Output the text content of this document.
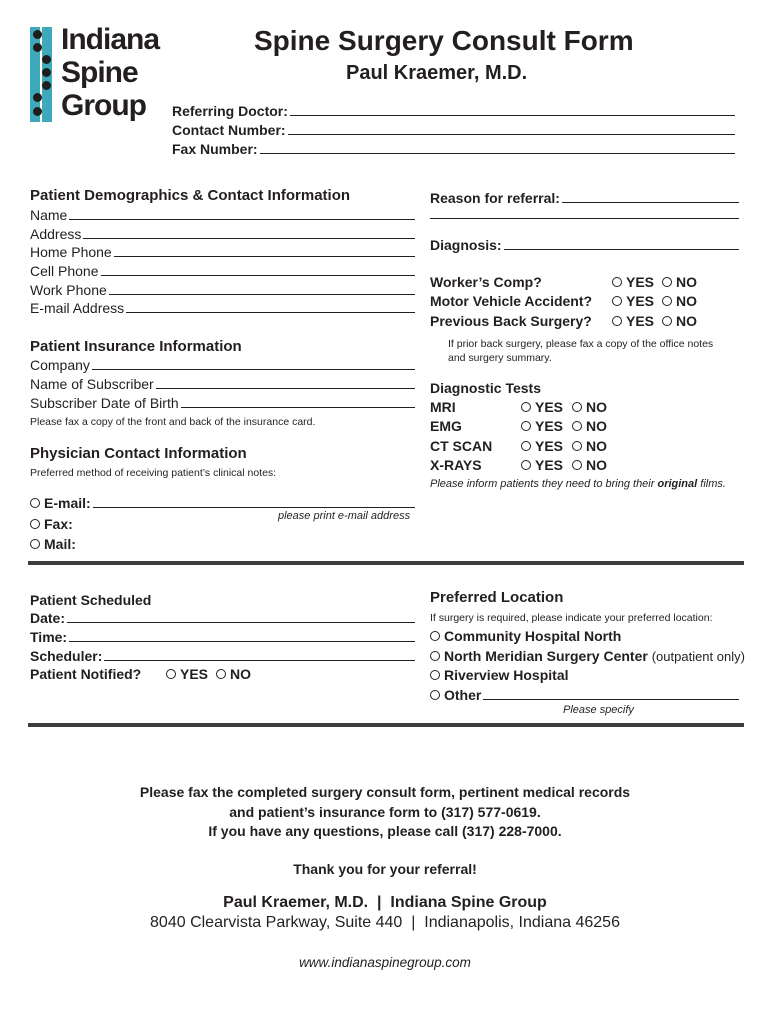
Indiana
Spine
Group
Spine Surgery Consult Form
Paul Kraemer, M.D.
Referring Doctor:
Contact Number:
Fax Number:
Patient Demographics & Contact Information
Name
Address
Home Phone
Cell Phone
Work Phone
E-mail Address
Patient Insurance Information
Company
Name of Subscriber
Subscriber Date of Birth
Please fax a copy of the front and back of the insurance card.
Physician Contact Information
Preferred method of receiving patient’s clinical notes:
E-mail:
please print e-mail address
Fax:
Mail:
Reason for referral:
Diagnosis:
Worker’s Comp?	YES	NO
Motor Vehicle Accident?	YES	NO
Previous Back Surgery?	YES	NO
If prior back surgery, please fax a copy of the office notes
and surgery summary.
Diagnostic Tests
MRI	YES	NO
EMG	YES	NO
CT SCAN	YES	NO
X-RAYS	YES	NO
Please inform patients they need to bring their original films.
Patient Scheduled
Date:
Time:
Scheduler:
Patient Notified?	YES	NO
Preferred Location
If surgery is required, please indicate your preferred location:
Community Hospital North
North Meridian Surgery Center (outpatient only)
Riverview Hospital
Other
Please specify
Please fax the completed surgery consult form, pertinent medical records
and patient’s insurance form to (317) 577-0619.
If you have any questions, please call (317) 228-7000.
Thank you for your referral!
Paul Kraemer, M.D.  |  Indiana Spine Group
8040 Clearvista Parkway, Suite 440  |  Indianapolis, Indiana 46256
www.indianaspinegroup.com
